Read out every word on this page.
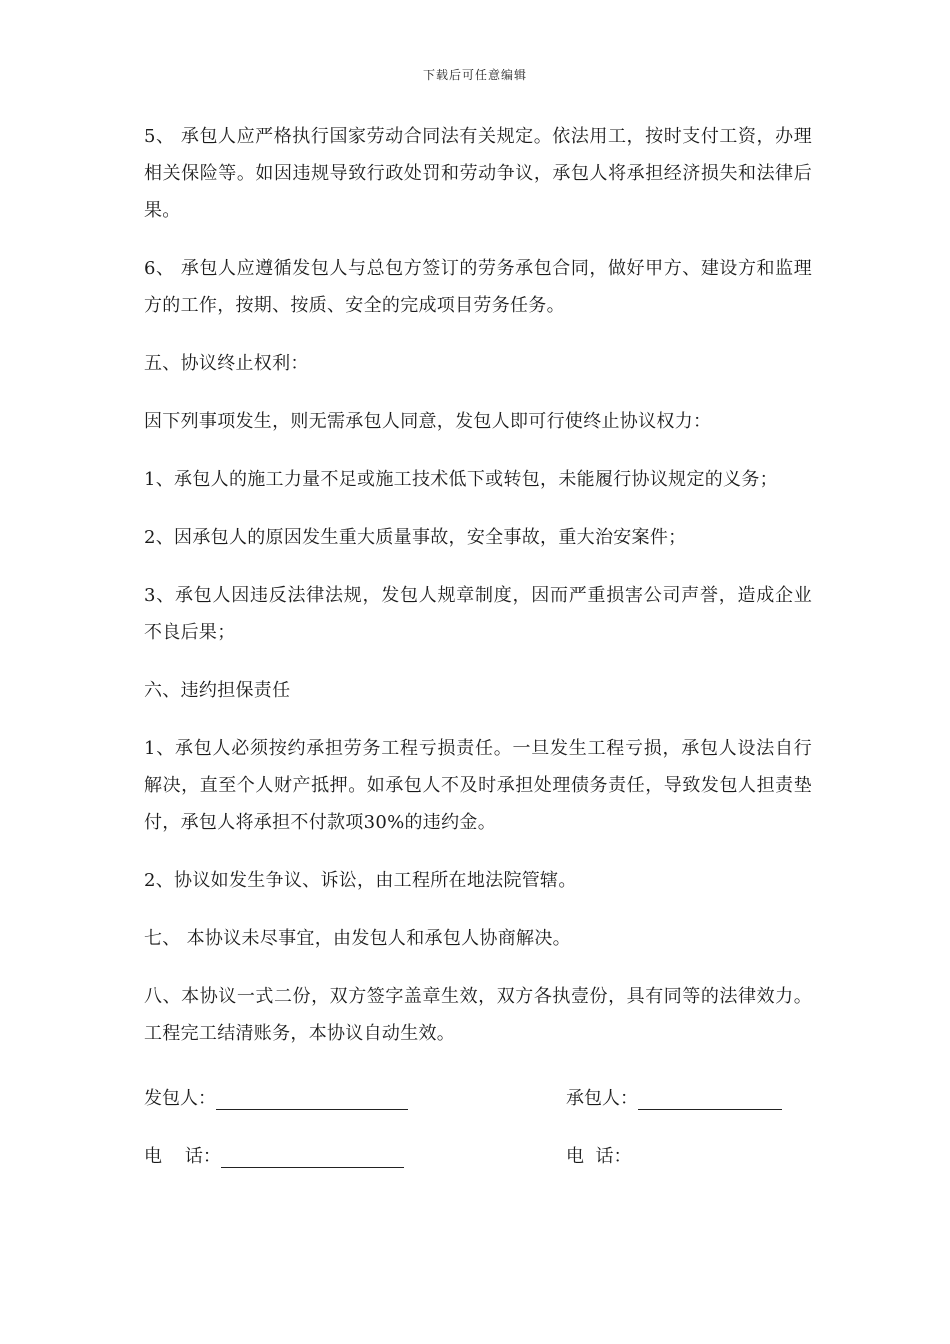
下载后可任意编辑

5、 承包人应严格执行国家劳动合同法有关规定。依法用工，按时支付工资，办理相关保险等。如因违规导致行政处罚和劳动争议，承包人将承担经济损失和法律后果。

6、 承包人应遵循发包人与总包方签订的劳务承包合同，做好甲方、建设方和监理方的工作，按期、按质、安全的完成项目劳务任务。

五、协议终止权利：

因下列事项发生，则无需承包人同意，发包人即可行使终止协议权力：

1、承包人的施工力量不足或施工技术低下或转包，未能履行协议规定的义务；

2、因承包人的原因发生重大质量事故，安全事故，重大治安案件；

3、承包人因违反法律法规，发包人规章制度，因而严重损害公司声誉，造成企业不良后果；

六、违约担保责任

1、承包人必须按约承担劳务工程亏损责任。一旦发生工程亏损，承包人设法自行解决，直至个人财产抵押。如承包人不及时承担处理债务责任，导致发包人担责垫付，承包人将承担不付款项30%的违约金。

2、协议如发生争议、诉讼，由工程所在地法院管辖。

七、 本协议未尽事宜，由发包人和承包人协商解决。

八、本协议一式二份，双方签字盖章生效，双方各执壹份，具有同等的法律效力。工程完工结清账务，本协议自动生效。

发包人：	承包人：
电    话：	电  话：
